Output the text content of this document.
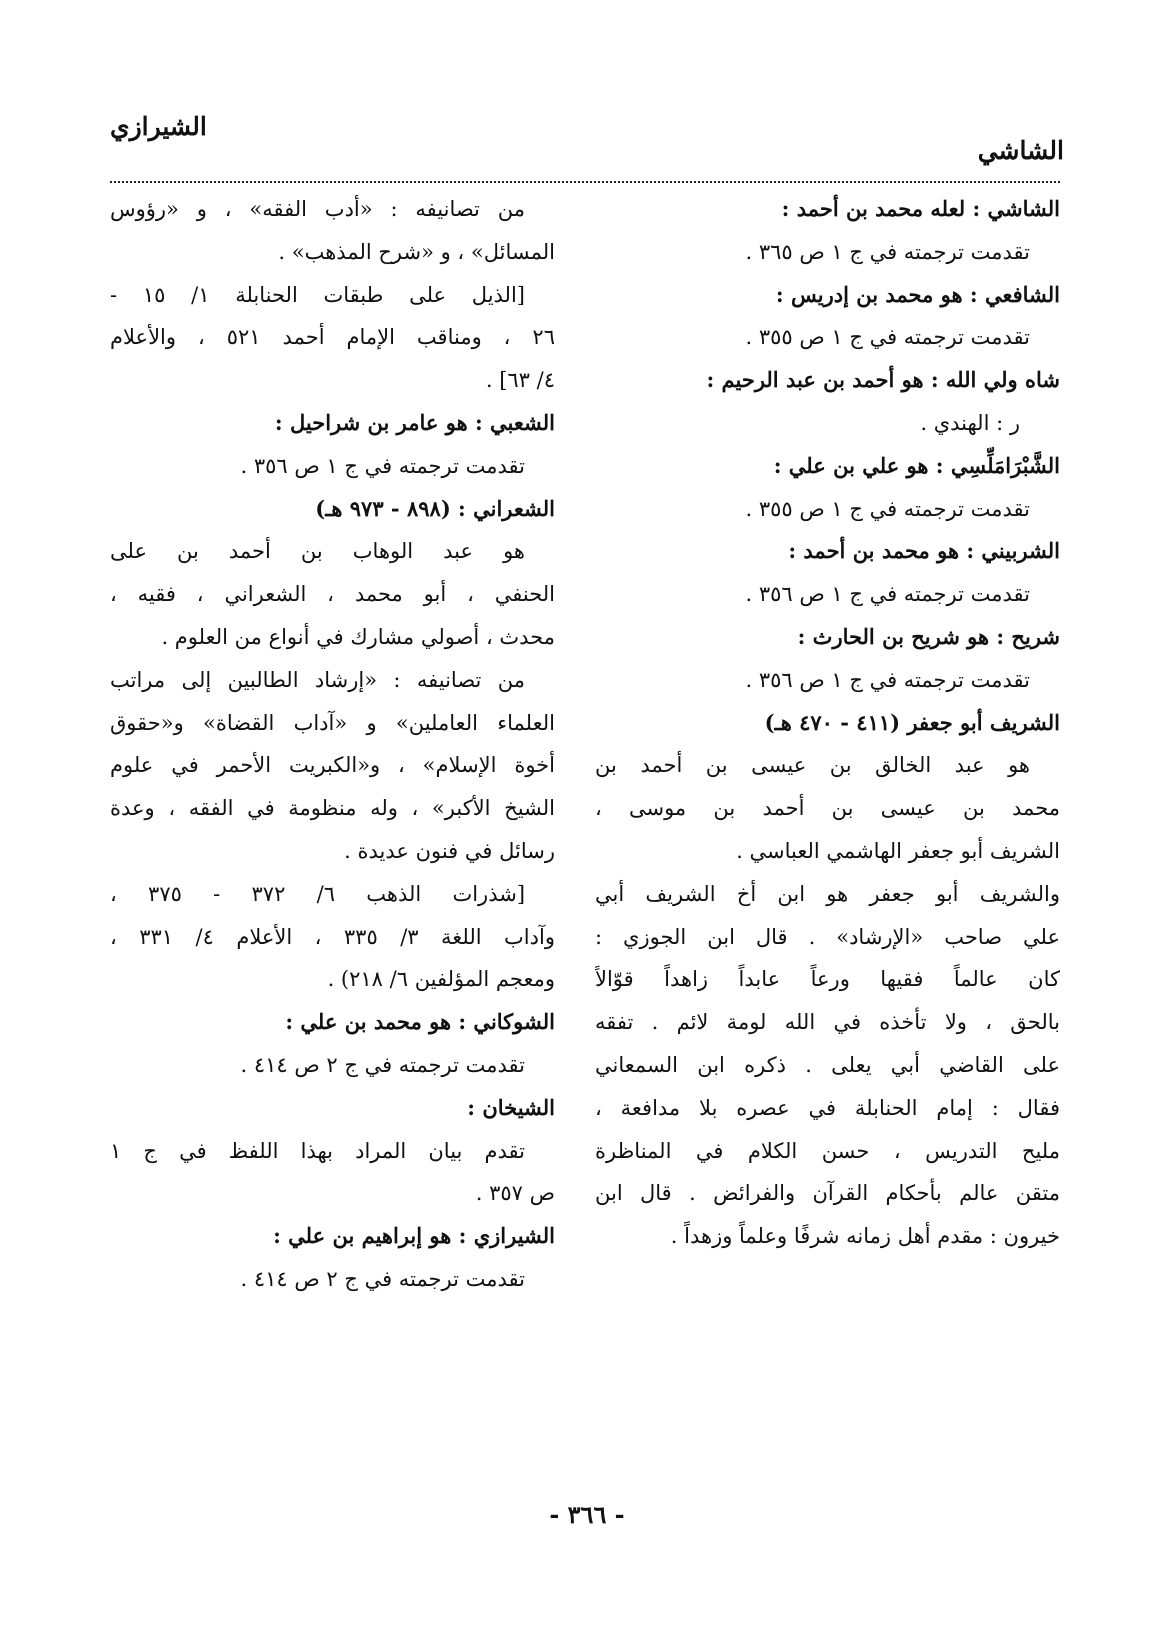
الشيرازي
الشاشي
الشاشي : لعله محمد بن أحمد :
تقدمت ترجمته في ج ١ ص ٣٦٥ .
الشافعي : هو محمد بن إدريس :
تقدمت ترجمته في ج ١ ص ٣٥٥ .
شاه ولي الله : هو أحمد بن عبد الرحيم :
ر : الهندي .
الشَّبْرَامَلِّسِي : هو علي بن علي :
تقدمت ترجمته في ج ١ ص ٣٥٥ .
الشربيني : هو محمد بن أحمد :
تقدمت ترجمته في ج ١ ص ٣٥٦ .
شريح : هو شريح بن الحارث :
تقدمت ترجمته في ج ١ ص ٣٥٦ .
الشريف أبو جعفر (٤١١ - ٤٧٠ هـ)
هو عبد الخالق بن عيسى بن أحمد بن
محمد بن عيسى بن أحمد بن موسى ،
الشريف أبو جعفر الهاشمي العباسي .
والشريف أبو جعفر هو ابن أخ الشريف أبي
علي صاحب «الإرشاد» . قال ابن الجوزي :
كان عالماً فقيها ورعاً عابداً زاهداً قوّالاً
بالحق ، ولا تأخذه في الله لومة لائم . تفقه
على القاضي أبي يعلى . ذكره ابن السمعاني
فقال : إمام الحنابلة في عصره بلا مدافعة ،
مليح التدريس ، حسن الكلام في المناظرة
متقن عالم بأحكام القرآن والفرائض . قال ابن
خيرون : مقدم أهل زمانه شرفًا وعلماً وزهداً .
من تصانيفه : «أدب الفقه» ، و «رؤوس
المسائل» ، و «شرح المذهب» .
[الذيل على طبقات الحنابلة ١/ ١٥ -
٢٦ ، ومناقب الإمام أحمد ٥٢١ ، والأعلام
٤/ ٦٣] .
الشعبي : هو عامر بن شراحيل :
تقدمت ترجمته في ج ١ ص ٣٥٦ .
الشعراني : (٨٩٨ - ٩٧٣ هـ)
هو عبد الوهاب بن أحمد بن على
الحنفي ، أبو محمد ، الشعراني ، فقيه ،
محدث ، أصولي مشارك في أنواع من العلوم .
من تصانيفه : «إرشاد الطالبين إلى مراتب
العلماء العاملين» و «آداب القضاة» و«حقوق
أخوة الإسلام» ، و«الكبريت الأحمر في علوم
الشيخ الأكبر» ، وله منظومة في الفقه ، وعدة
رسائل في فنون عديدة .
[شذرات الذهب ٦/ ٣٧٢ - ٣٧٥ ،
وآداب اللغة ٣/ ٣٣٥ ، الأعلام ٤/ ٣٣١ ،
ومعجم المؤلفين ٦/ ٢١٨) .
الشوكاني : هو محمد بن علي :
تقدمت ترجمته في ج ٢ ص ٤١٤ .
الشيخان :
تقدم بيان المراد بهذا اللفظ في ج ١
ص ٣٥٧ .
الشيرازي : هو إبراهيم بن علي :
تقدمت ترجمته في ج ٢ ص ٤١٤ .
- ٣٦٦ -
